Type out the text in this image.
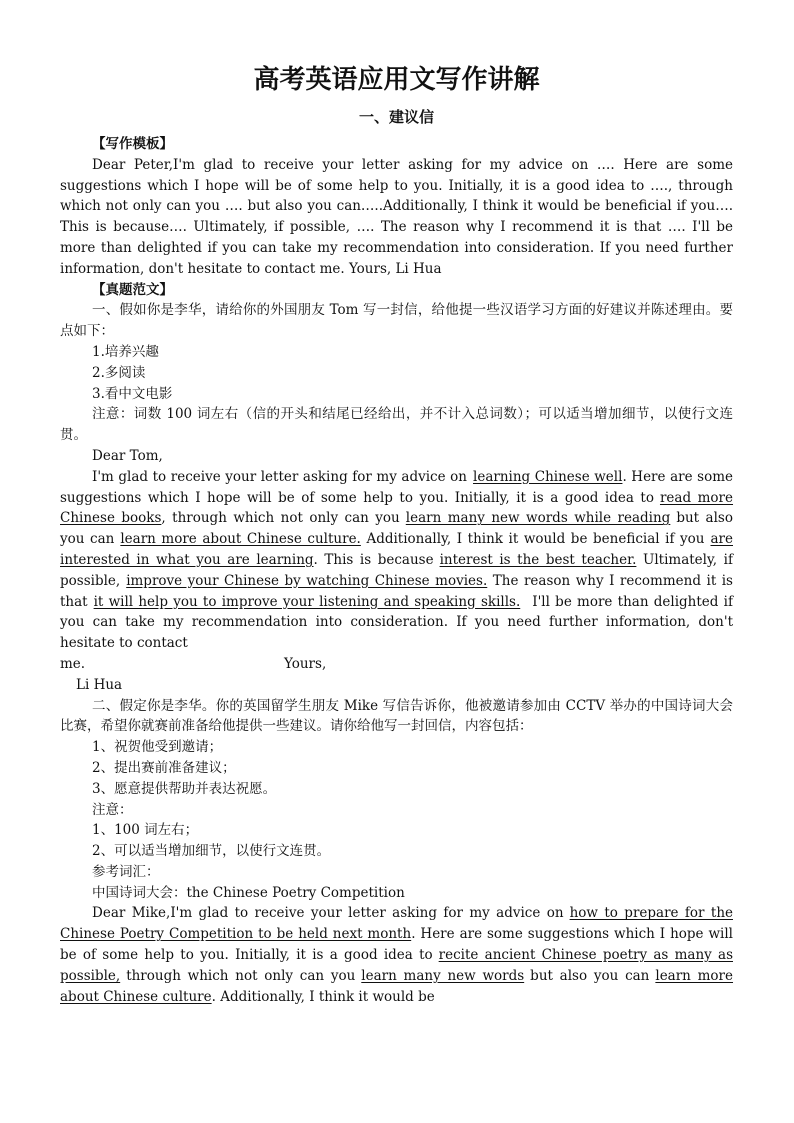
高考英语应用文写作讲解
一、建议信
【写作模板】

Dear Peter,I'm glad to receive your letter asking for my advice on …. Here are some suggestions which I hope will be of some help to you. Initially, it is a good idea to …., through which not only can you …. but also you can…..Additionally, I think it would be beneficial if you…. This is because…. Ultimately, if possible, …. The reason why I recommend it is that …. I'll be more than delighted if you can take my recommendation into consideration. If you need further information, don't hesitate to contact me. Yours, Li Hua

【真题范文】

一、假如你是李华，请给你的外国朋友 Tom 写一封信，给他提一些汉语学习方面的好建议并陈述理由。要点如下：

1.培养兴趣

2.多阅读

3.看中文电影

注意：词数 100 词左右（信的开头和结尾已经给出，并不计入总词数）；可以适当增加细节，以使行文连贯。

Dear Tom,

I'm glad to receive your letter asking for my advice on learning Chinese well. Here are some suggestions which I hope will be of some help to you. Initially, it is a good idea to read more Chinese books, through which not only can you learn many new words while reading but also you can learn more about Chinese culture. Additionally, I think it would be beneficial if you are interested in what you are learning. This is because interest is the best teacher. Ultimately, if possible, improve your Chinese by watching Chinese movies. The reason why I recommend it is that it will help you to improve your listening and speaking skills. I'll be more than delighted if you can take my recommendation into consideration. If you need further information, don't hesitate to contact

me.	Yours,

Li Hua

二、假定你是李华。你的英国留学生朋友 Mike 写信告诉你，他被邀请参加由 CCTV 举办的中国诗词大会比赛，希望你就赛前准备给他提供一些建议。请你给他写一封回信，内容包括：

1、祝贺他受到邀请；

2、提出赛前准备建议；

3、愿意提供帮助并表达祝愿。

注意：

1、100 词左右；

2、可以适当增加细节，以使行文连贯。

参考词汇：

中国诗词大会：the Chinese Poetry Competition

Dear Mike,I'm glad to receive your letter asking for my advice on how to prepare for the Chinese Poetry Competition to be held next month. Here are some suggestions which I hope will be of some help to you. Initially, it is a good idea to recite ancient Chinese poetry as many as possible, through which not only can you learn many new words but also you can learn more about Chinese culture. Additionally, I think it would be
